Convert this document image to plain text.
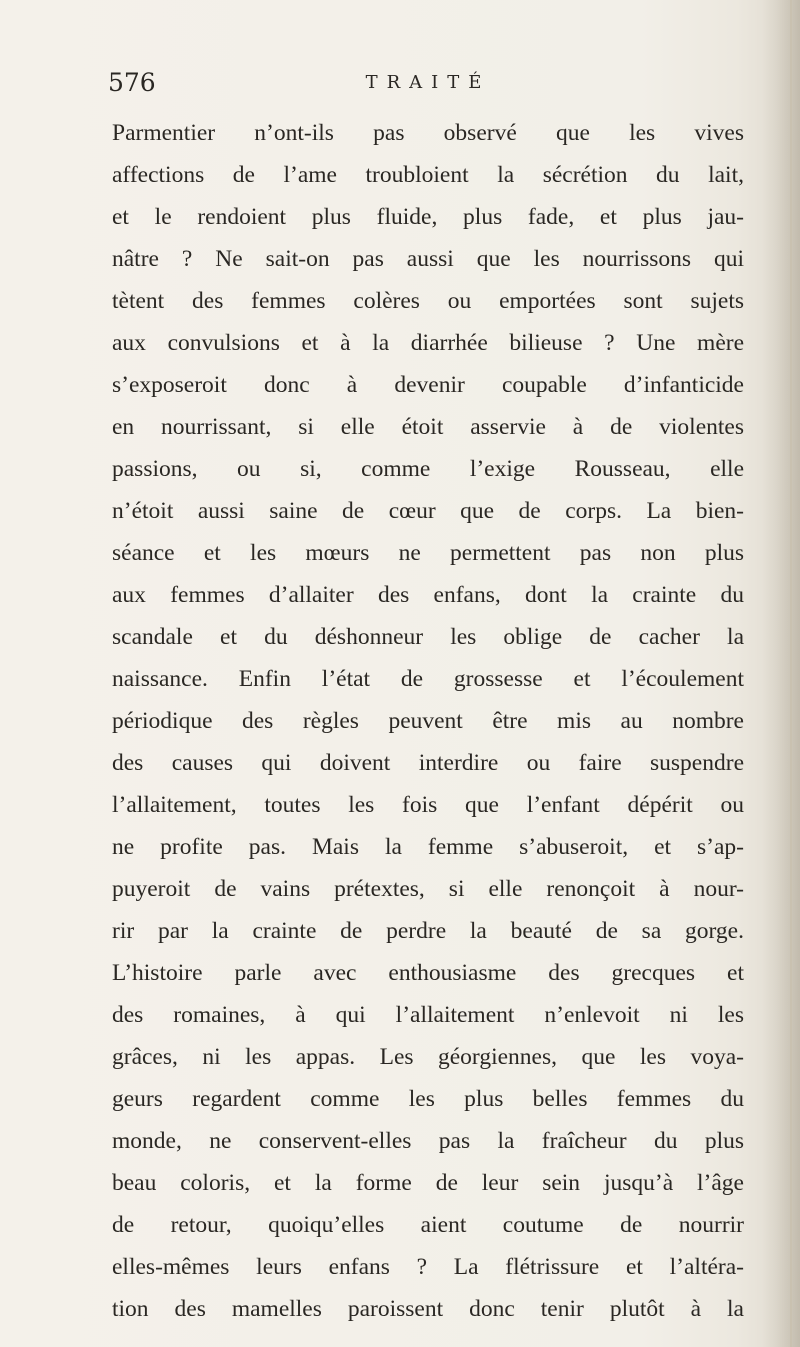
576	TRAITÉ
Parmentier n’ont-ils pas observé que les vives
affections de l’ame troubloient la sécrétion du lait,
et le rendoient plus fluide, plus fade, et plus jau-
nâtre ? Ne sait-on pas aussi que les nourrissons qui
tètent des femmes colères ou emportées sont sujets
aux convulsions et à la diarrhée bilieuse ? Une mère
s’exposeroit donc à devenir coupable d’infanticide
en nourrissant, si elle étoit asservie à de violentes
passions, ou si, comme l’exige Rousseau, elle
n’étoit aussi saine de cœur que de corps. La bien-
séance et les mœurs ne permettent pas non plus
aux femmes d’allaiter des enfans, dont la crainte du
scandale et du déshonneur les oblige de cacher la
naissance. Enfin l’état de grossesse et l’écoulement
périodique des règles peuvent être mis au nombre
des causes qui doivent interdire ou faire suspendre
l’allaitement, toutes les fois que l’enfant dépérit ou
ne profite pas. Mais la femme s’abuseroit, et s’ap-
puyeroit de vains prétextes, si elle renonçoit à nour-
rir par la crainte de perdre la beauté de sa gorge.
L’histoire parle avec enthousiasme des grecques et
des romaines, à qui l’allaitement n’enlevoit ni les
grâces, ni les appas. Les géorgiennes, que les voya-
geurs regardent comme les plus belles femmes du
monde, ne conservent-elles pas la fraîcheur du plus
beau coloris, et la forme de leur sein jusqu’à l’âge
de retour, quoiqu’elles aient coutume de nourrir
elles-mêmes leurs enfans ? La flétrissure et l’altéra-
tion des mamelles paroissent donc tenir plutôt à la
